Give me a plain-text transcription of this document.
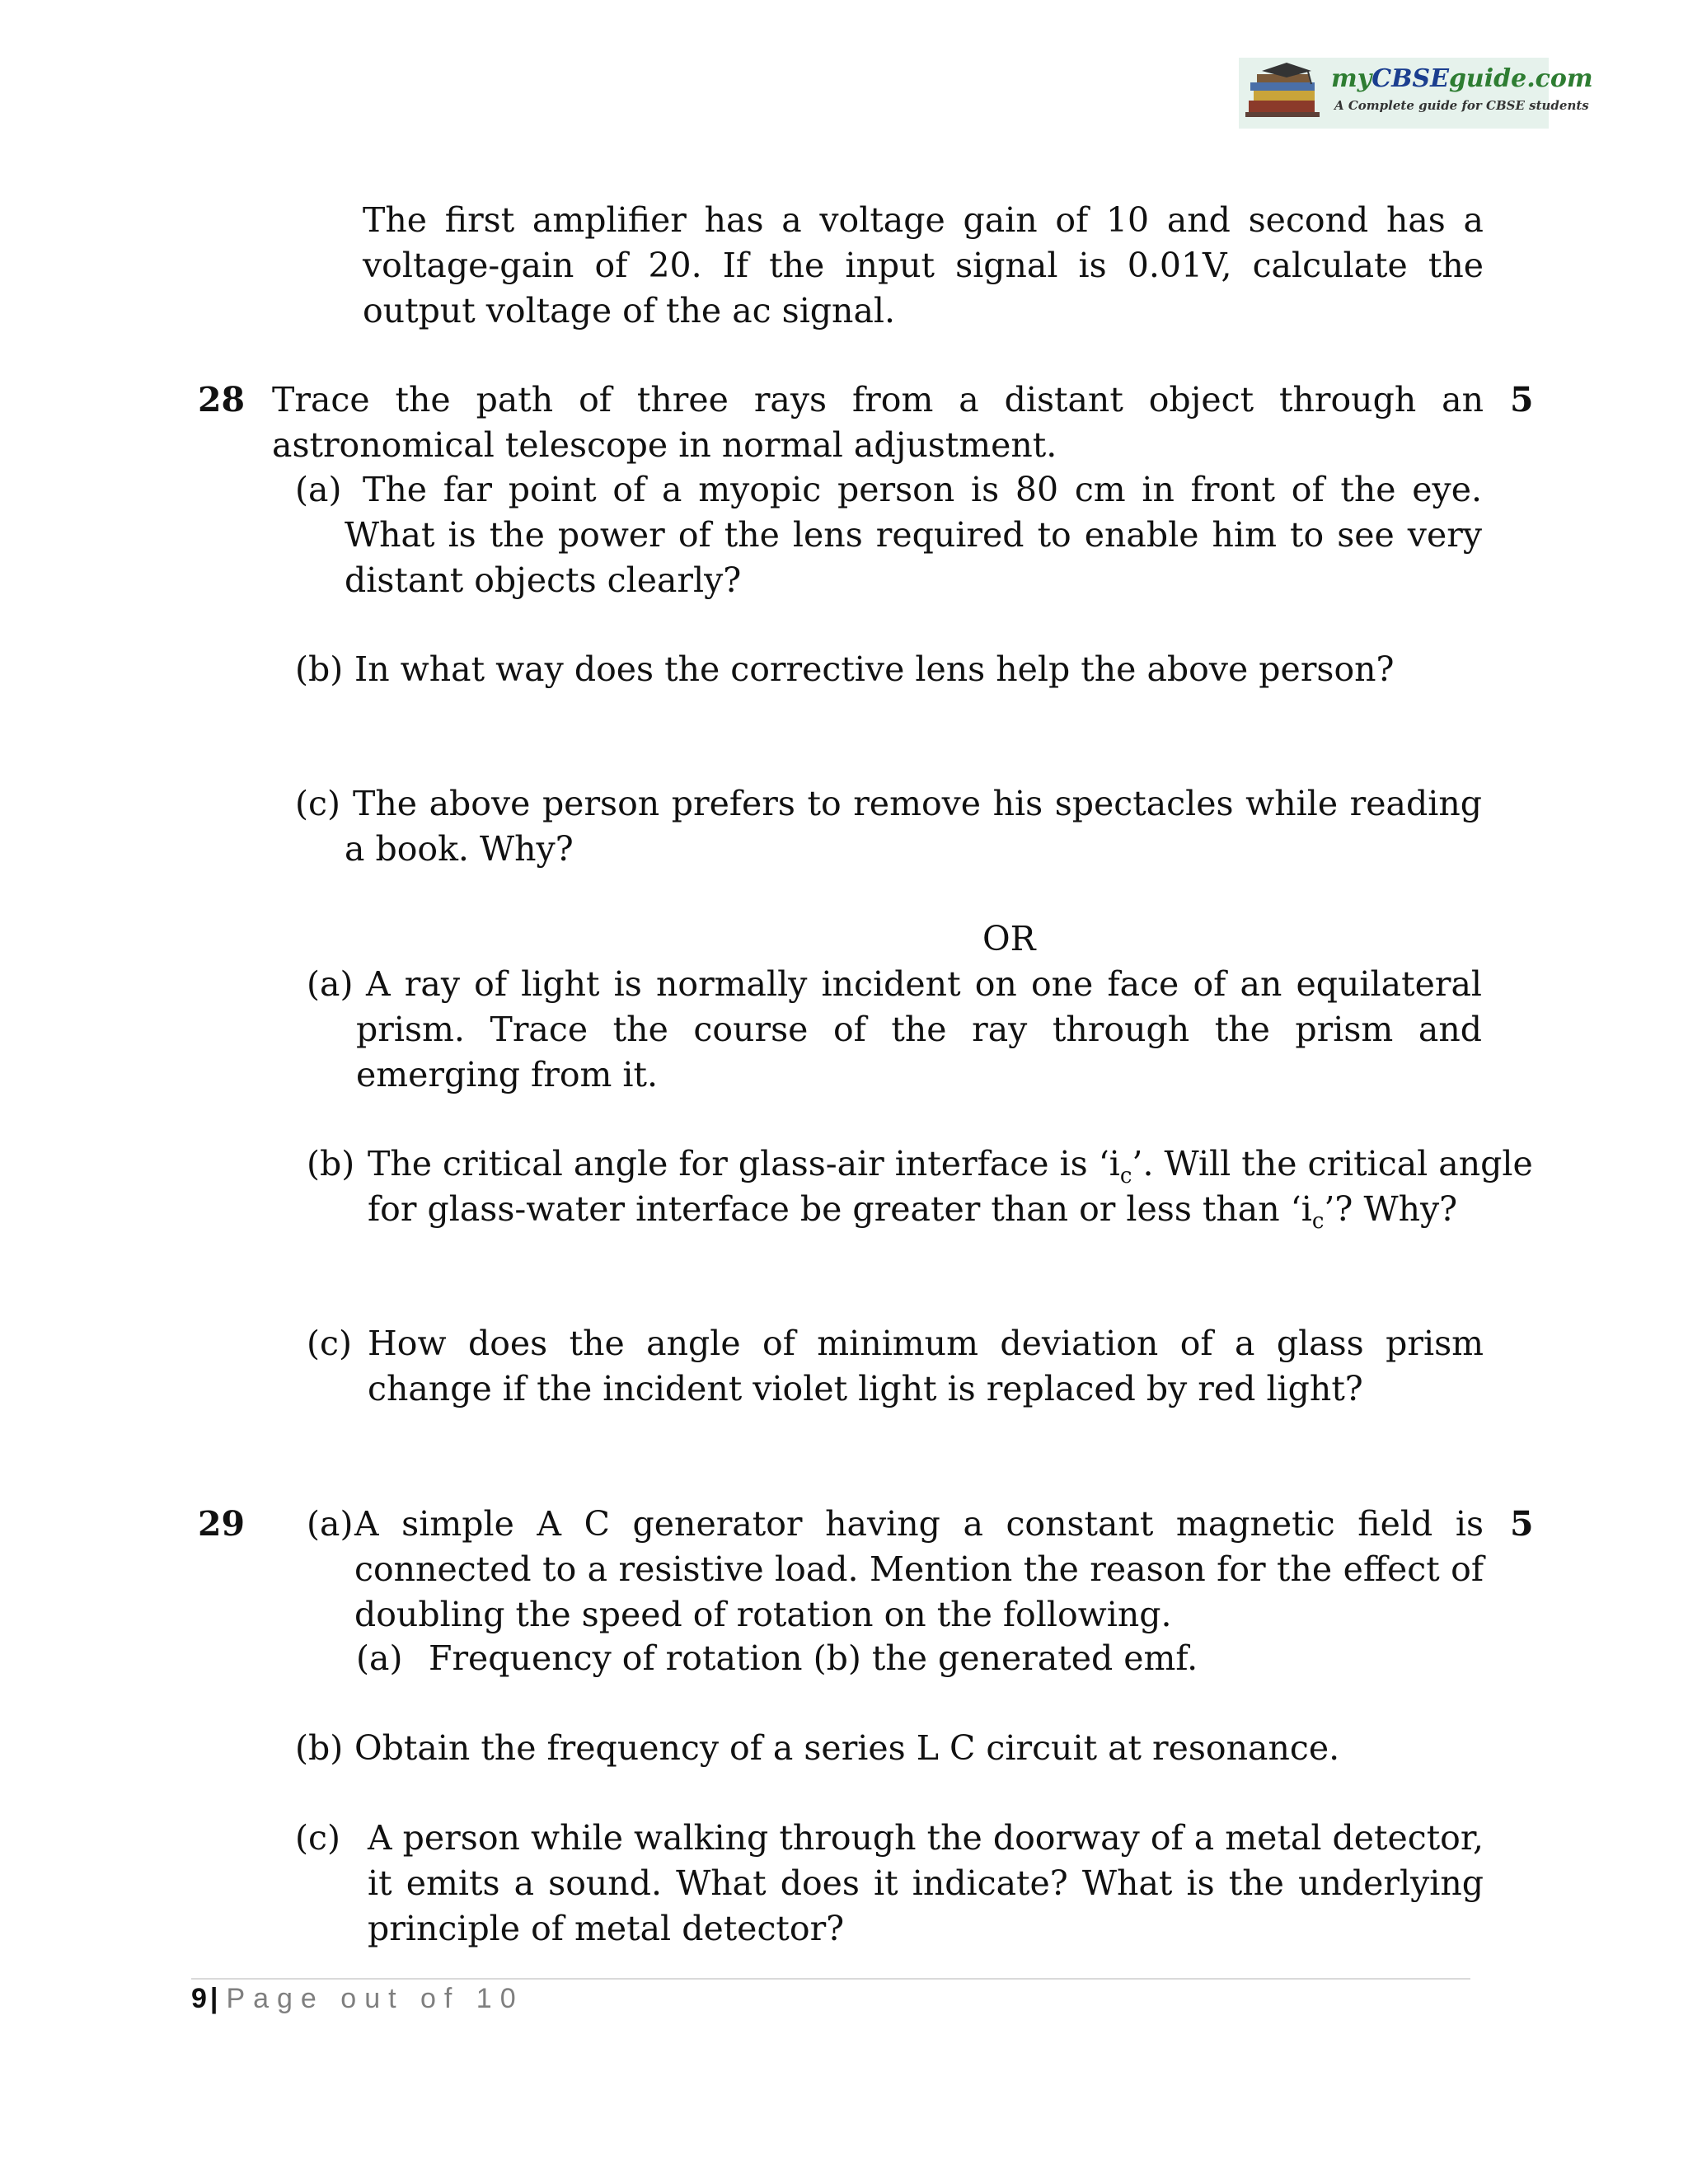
myCBSEguide.com
A Complete guide for CBSE students
The first amplifier has a voltage gain of 10 and second has a voltage-gain of 20. If the input signal is 0.01V, calculate the output voltage of the ac signal.
28	5
Trace the path of three rays from a distant object through an astronomical telescope in normal adjustment.
(a) The far point of a myopic person is 80 cm in front of the eye. What is the power of the lens required to enable him to see very distant objects clearly?
(b) In what way does the corrective lens help the above person?
(c) The above person prefers to remove his spectacles while reading a book. Why?
OR
(a) A ray of light is normally incident on one face of an equilateral prism. Trace the course of the ray through the prism and emerging from it.
(b) The critical angle for glass-air interface is ‘$i_c$’. Will the critical angle
for glass-water interface be greater than or less than ‘$i_c$’? Why?
(c) How does the angle of minimum deviation of a glass prism change if the incident violet light is replaced by red light?
29	5
(a) A simple A C generator having a constant magnetic field is connected to a resistive load. Mention the reason for the effect of doubling the speed of rotation on the following.
(a) Frequency of rotation (b) the generated emf.
(b) Obtain the frequency of a series L C circuit at resonance.
(c) A person while walking through the doorway of a metal detector, it emits a sound. What does it indicate? What is the underlying principle of metal detector?
9 | Page out of 10
